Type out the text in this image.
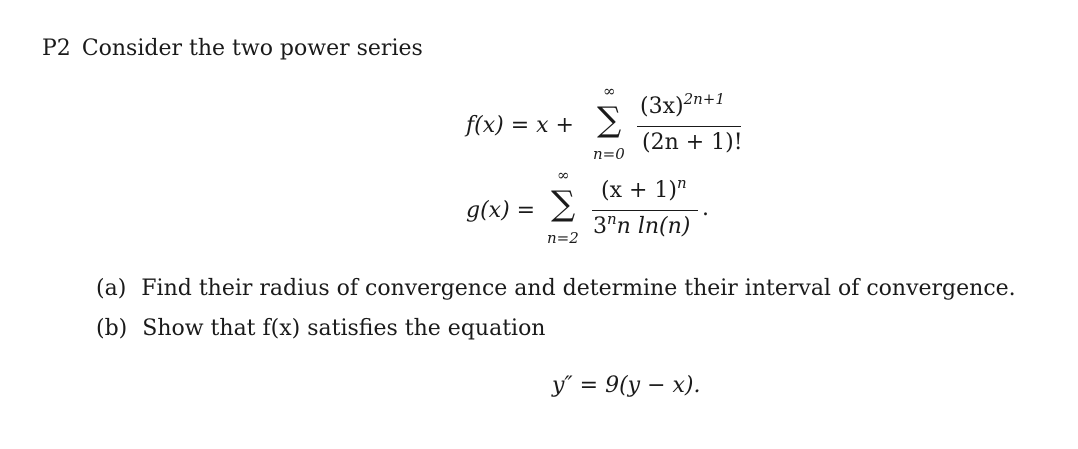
P2 Consider the two power series
f(x) = x +
∞
∑
n=0
$(3x)^{2n+1}$
(2n + 1)!
g(x) =
∞
∑
n=2
$(x + 1)^n$
3$^n$n ln(n)
.
(a) Find their radius of convergence and determine their interval of convergence.
(b) Show that f(x) satisfies the equation
y″ = 9(y − x).
